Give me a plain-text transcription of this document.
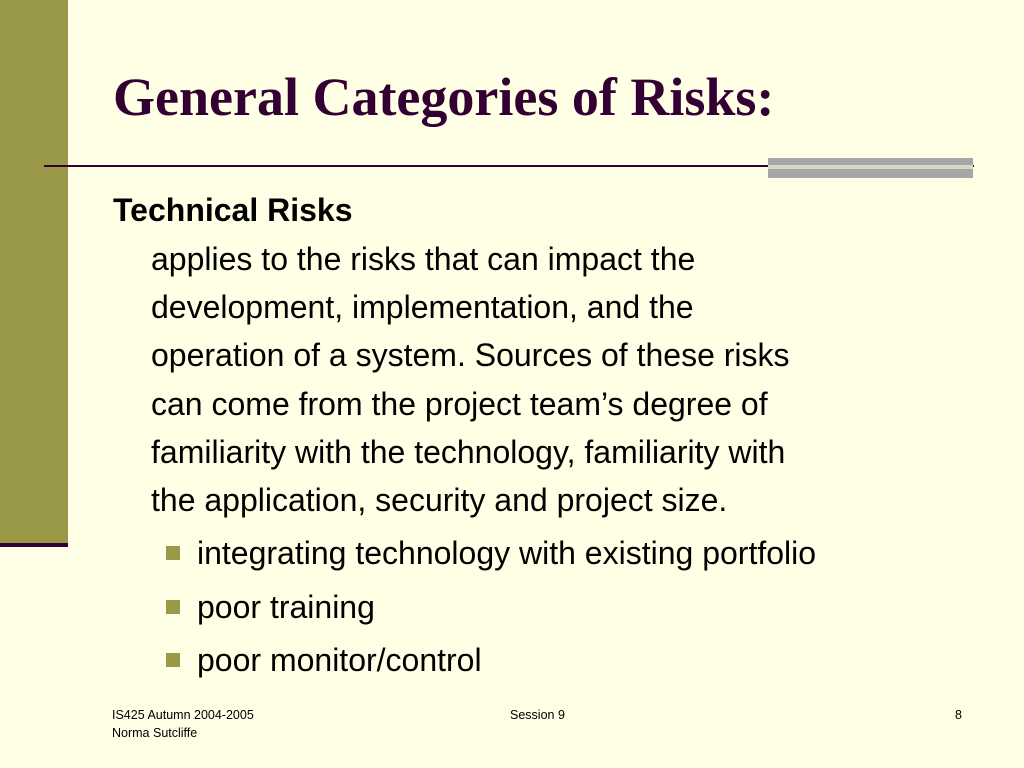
General Categories of Risks:
Technical Risks

applies to the risks that can impact the
development, implementation, and the
operation of a system. Sources of these risks
can come from the project team’s degree of
familiarity with the technology, familiarity with
the application, security and project size.

integrating technology with existing portfolio
poor training
poor monitor/control
IS425 Autumn 2004-2005
Norma Sutcliffe
Session 9	8
